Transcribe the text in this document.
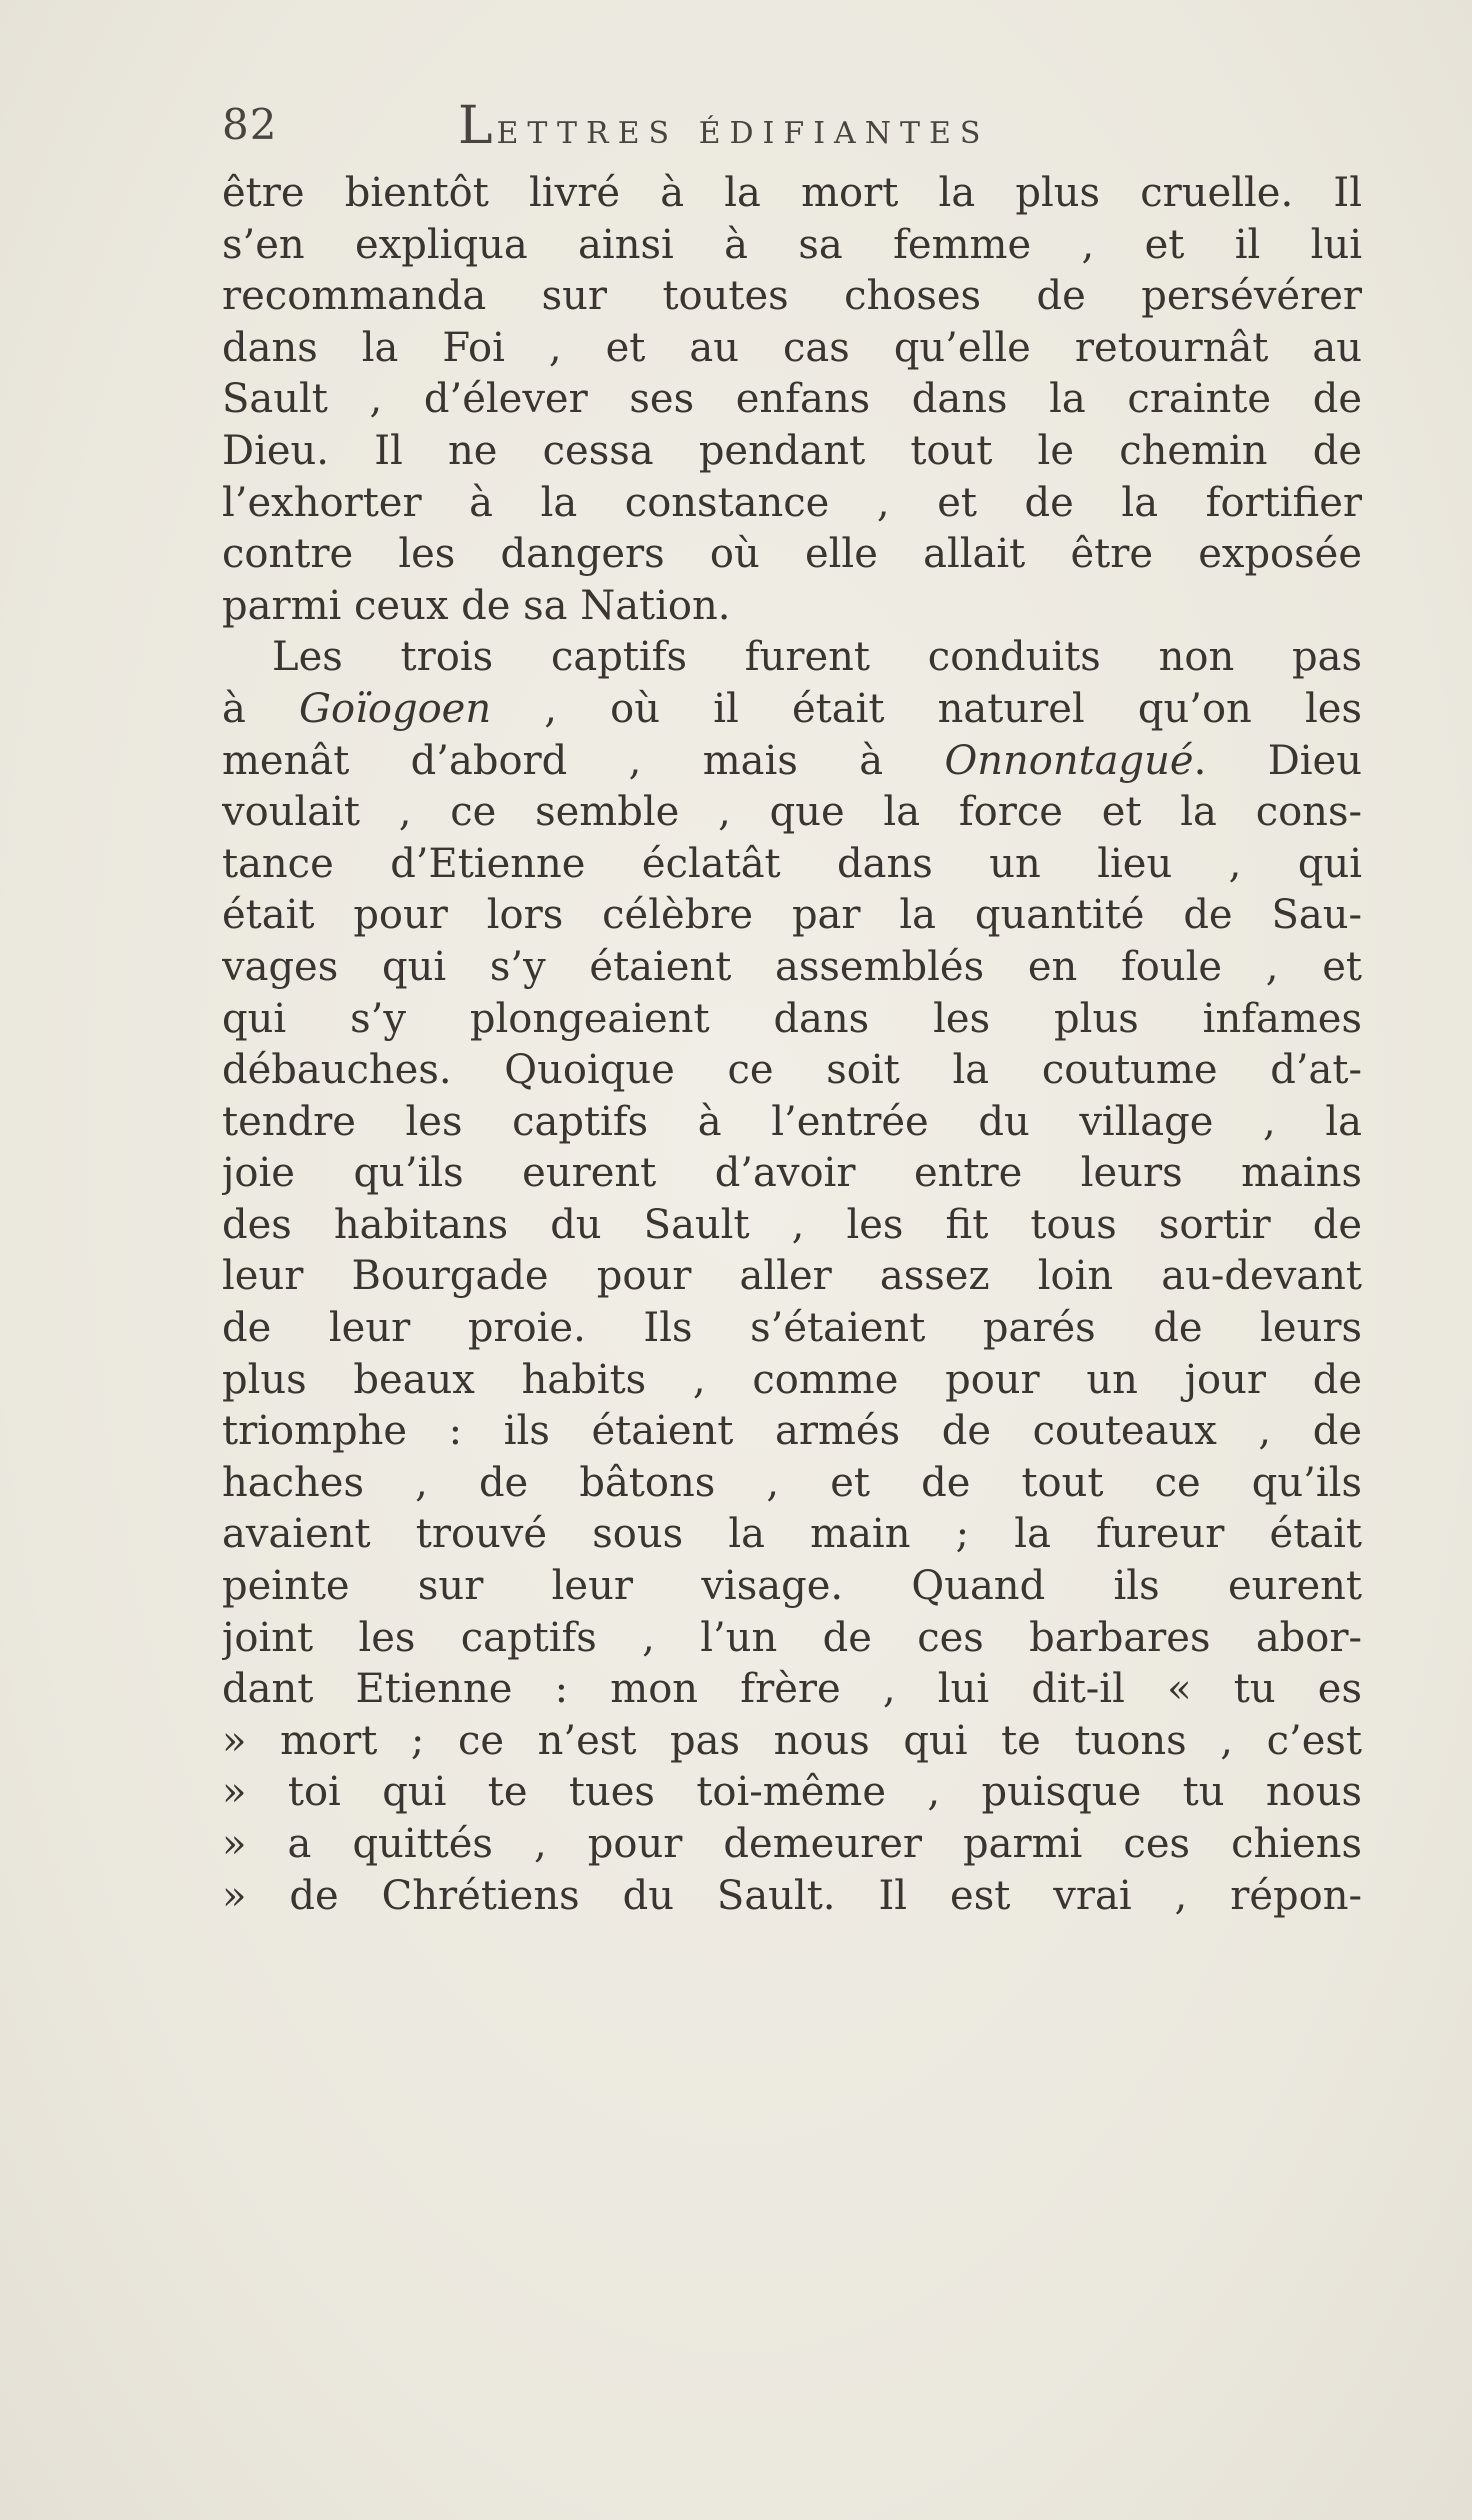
82	LETTRES ÉDIFIANTES
être bientôt livré à la mort la plus cruelle. Il
s’en expliqua ainsi à sa femme , et il lui
recommanda sur toutes choses de persévérer
dans la Foi , et au cas qu’elle retournât au
Sault , d’élever ses enfans dans la crainte de
Dieu. Il ne cessa pendant tout le chemin de
l’exhorter à la constance , et de la fortifier
contre les dangers où elle allait être exposée
parmi ceux de sa Nation.
Les trois captifs furent conduits non pas
à Goïogoen , où il était naturel qu’on les
menât d’abord , mais à Onnontagué. Dieu
voulait , ce semble , que la force et la cons-
tance d’Etienne éclatât dans un lieu , qui
était pour lors célèbre par la quantité de Sau-
vages qui s’y étaient assemblés en foule , et
qui s’y plongeaient dans les plus infames
débauches. Quoique ce soit la coutume d’at-
tendre les captifs à l’entrée du village , la
joie qu’ils eurent d’avoir entre leurs mains
des habitans du Sault , les fit tous sortir de
leur Bourgade pour aller assez loin au-devant
de leur proie. Ils s’étaient parés de leurs
plus beaux habits , comme pour un jour de
triomphe : ils étaient armés de couteaux , de
haches , de bâtons , et de tout ce qu’ils
avaient trouvé sous la main ; la fureur était
peinte sur leur visage. Quand ils eurent
joint les captifs , l’un de ces barbares abor-
dant Etienne : mon frère , lui dit-il « tu es
» mort ; ce n’est pas nous qui te tuons , c’est
» toi qui te tues toi-même , puisque tu nous
» a quittés , pour demeurer parmi ces chiens
» de Chrétiens du Sault. Il est vrai , répon-
